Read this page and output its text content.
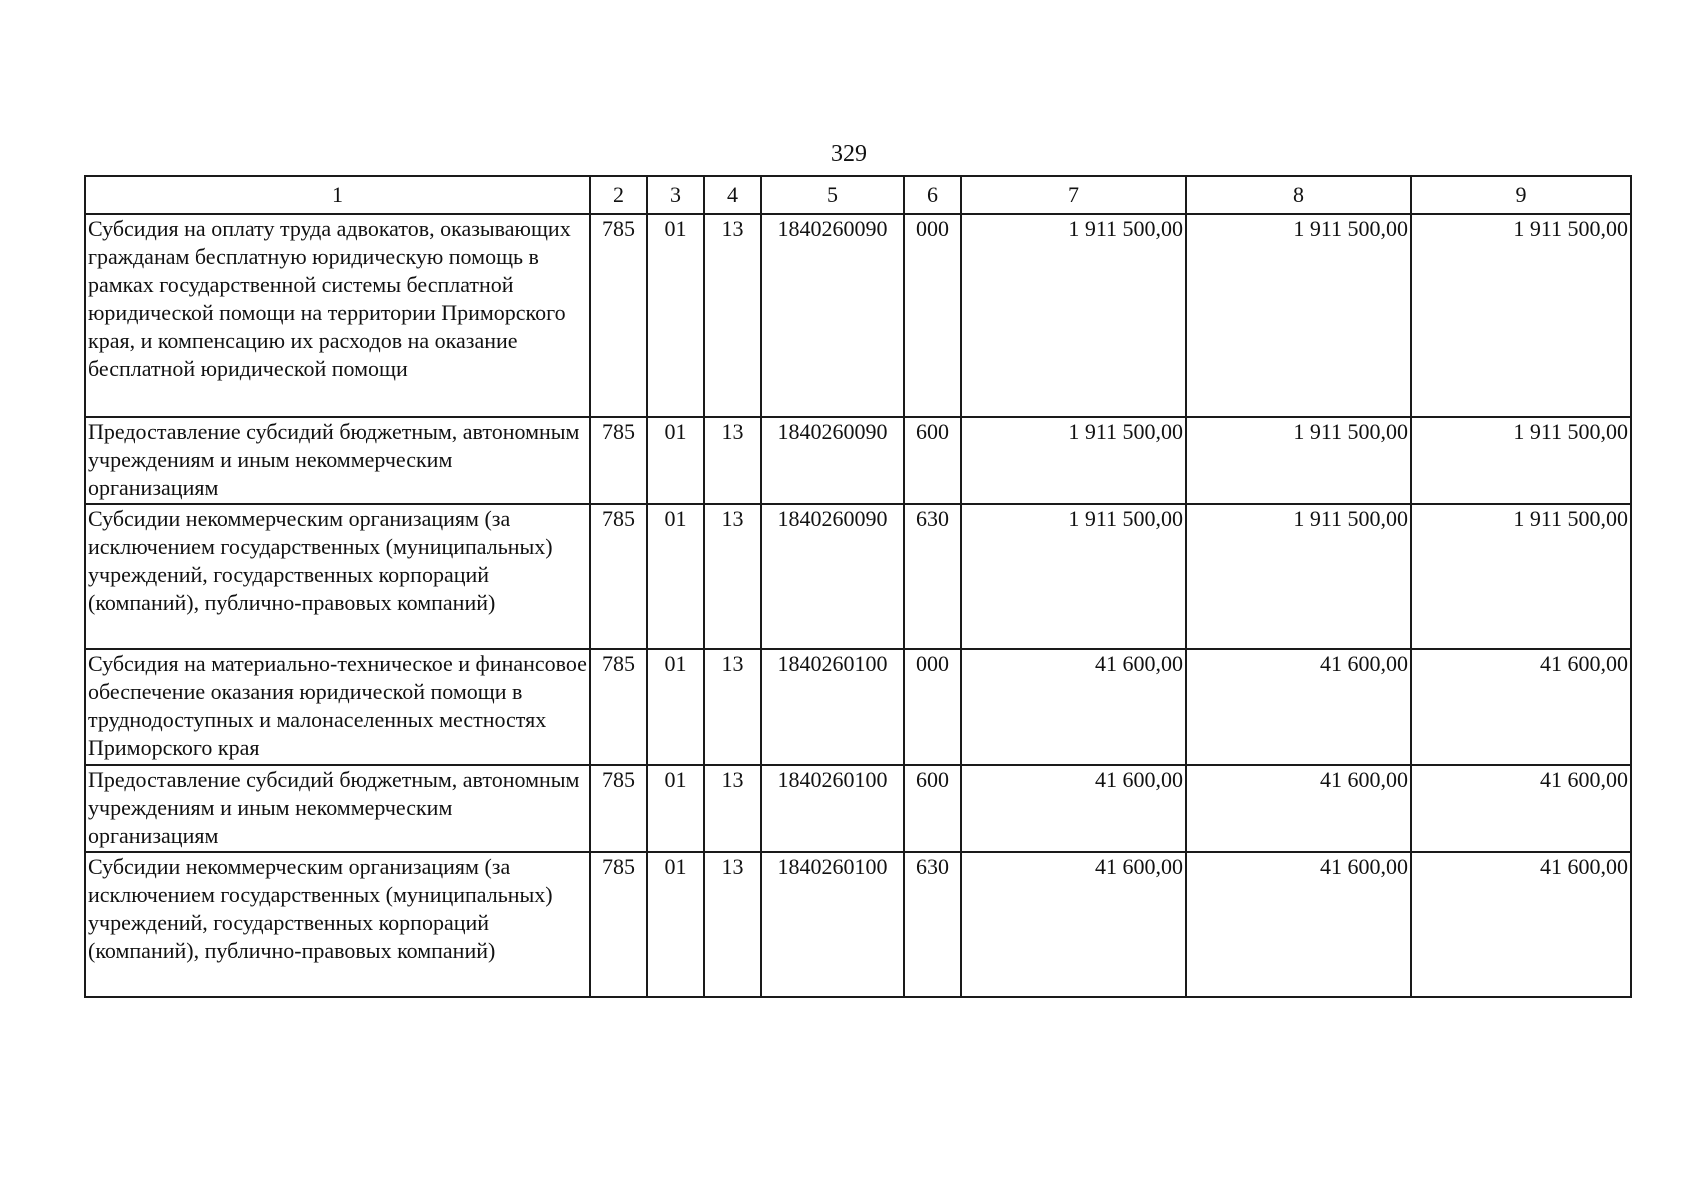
329
1	2	3	4	5	6	7	8	9
Субсидия на оплату труда адвокатов, оказывающих гражданам бесплатную юридическую помощь в рамках государственной системы бесплатной юридической помощи на территории Приморского края, и компенсацию их расходов на оказание бесплатной юридической помощи	785	01	13	1840260090	000	1 911 500,00	1 911 500,00	1 911 500,00
Предоставление субсидий бюджетным, автономным учреждениям и иным некоммерческим организациям	785	01	13	1840260090	600	1 911 500,00	1 911 500,00	1 911 500,00
Субсидии некоммерческим организациям (за исключением государственных (муниципальных) учреждений, государственных корпораций (компаний), публично-правовых компаний)	785	01	13	1840260090	630	1 911 500,00	1 911 500,00	1 911 500,00
Субсидия на материально-техническое и финансовое обеспечение оказания юридической помощи в труднодоступных и малонаселенных местностях Приморского края	785	01	13	1840260100	000	41 600,00	41 600,00	41 600,00
Предоставление субсидий бюджетным, автономным учреждениям и иным некоммерческим организациям	785	01	13	1840260100	600	41 600,00	41 600,00	41 600,00
Субсидии некоммерческим организациям (за исключением государственных (муниципальных) учреждений, государственных корпораций (компаний), публично-правовых компаний)	785	01	13	1840260100	630	41 600,00	41 600,00	41 600,00
